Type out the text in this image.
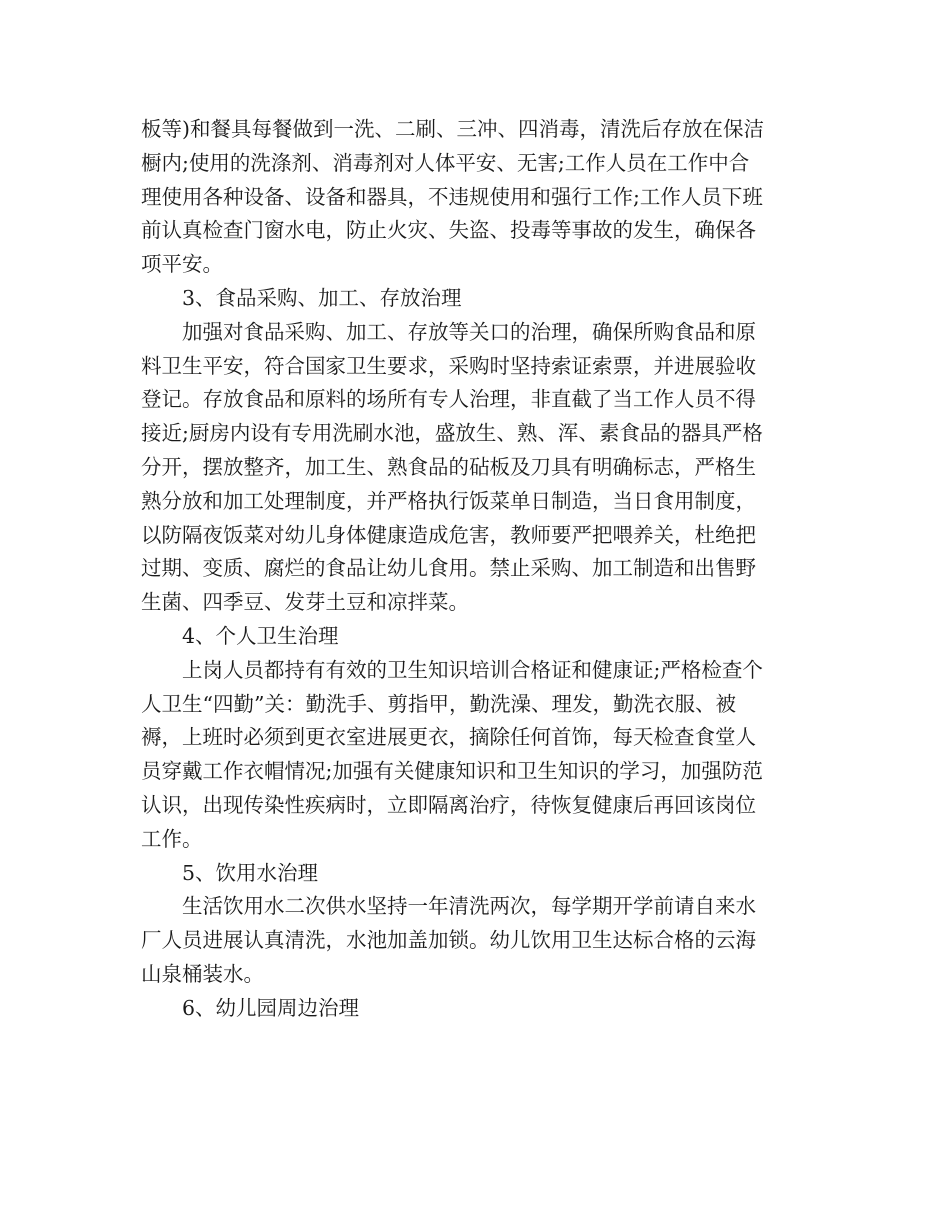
板等)和餐具每餐做到一洗、二刷、三冲、四消毒，清洗后存放在保洁
橱内;使用的洗涤剂、消毒剂对人体平安、无害;工作人员在工作中合
理使用各种设备、设备和器具，不违规使用和强行工作;工作人员下班
前认真检查门窗水电，防止火灾、失盗、投毒等事故的发生，确保各
项平安。
3、食品采购、加工、存放治理
加强对食品采购、加工、存放等关口的治理，确保所购食品和原
料卫生平安，符合国家卫生要求，采购时坚持索证索票，并进展验收
登记。存放食品和原料的场所有专人治理，非直截了当工作人员不得
接近;厨房内设有专用洗刷水池，盛放生、熟、浑、素食品的器具严格
分开，摆放整齐，加工生、熟食品的砧板及刀具有明确标志，严格生
熟分放和加工处理制度，并严格执行饭菜单日制造，当日食用制度，
以防隔夜饭菜对幼儿身体健康造成危害，教师要严把喂养关，杜绝把
过期、变质、腐烂的食品让幼儿食用。禁止采购、加工制造和出售野
生菌、四季豆、发芽土豆和凉拌菜。
4、个人卫生治理
上岗人员都持有有效的卫生知识培训合格证和健康证;严格检查个
人卫生“四勤”关：勤洗手、剪指甲，勤洗澡、理发，勤洗衣服、被
褥，上班时必须到更衣室进展更衣，摘除任何首饰，每天检查食堂人
员穿戴工作衣帽情况;加强有关健康知识和卫生知识的学习，加强防范
认识，出现传染性疾病时，立即隔离治疗，待恢复健康后再回该岗位
工作。
5、饮用水治理
生活饮用水二次供水坚持一年清洗两次，每学期开学前请自来水
厂人员进展认真清洗，水池加盖加锁。幼儿饮用卫生达标合格的云海
山泉桶装水。
6、幼儿园周边治理
